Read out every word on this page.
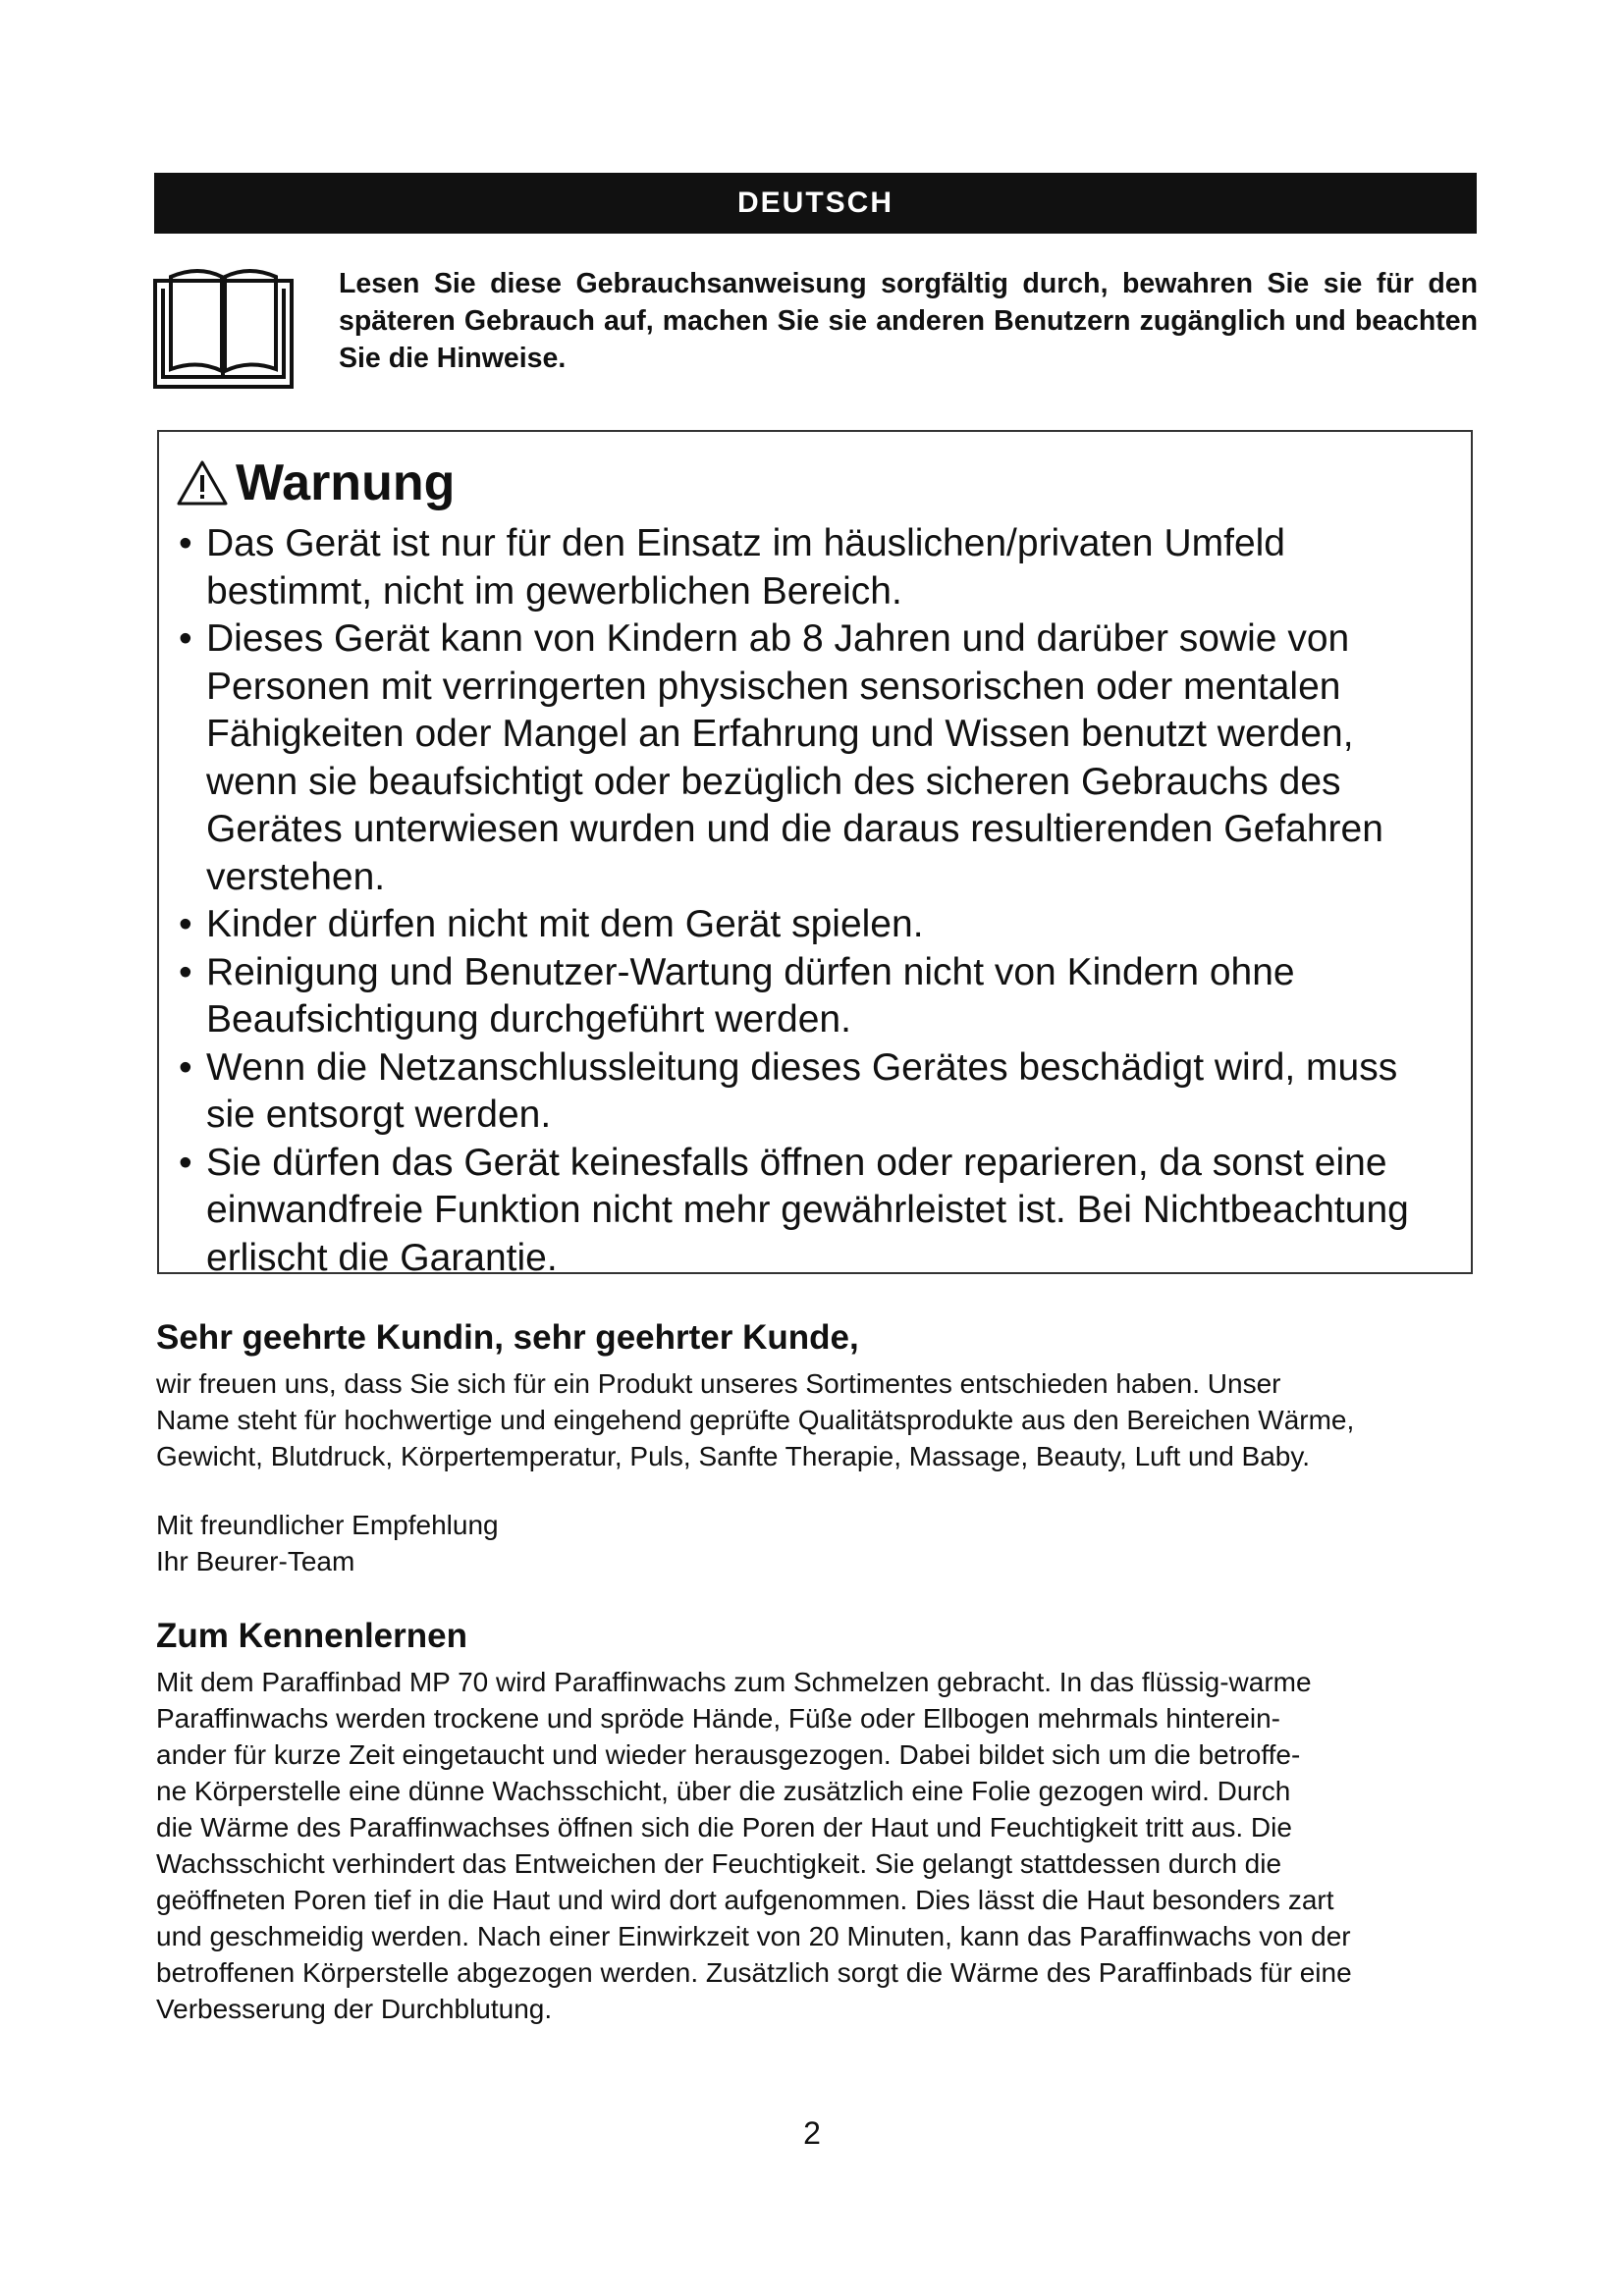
DEUTSCH

Lesen Sie diese Gebrauchsanweisung sorgfältig durch, bewahren Sie sie für den späteren Gebrauch auf, machen Sie sie anderen Benutzern zugänglich und beachten Sie die Hinweise.

Warnung
• Das Gerät ist nur für den Einsatz im häuslichen/privaten Umfeld bestimmt, nicht im gewerblichen Bereich.
• Dieses Gerät kann von Kindern ab 8 Jahren und darüber sowie von Personen mit verringerten physischen sensorischen oder mentalen Fähigkeiten oder Mangel an Erfahrung und Wissen benutzt werden, wenn sie beaufsichtigt oder bezüglich des sicheren Gebrauchs des Gerätes unterwiesen wurden und die daraus resultierenden Gefahren verstehen.
• Kinder dürfen nicht mit dem Gerät spielen.
• Reinigung und Benutzer-Wartung dürfen nicht von Kindern ohne Beaufsichtigung durchgeführt werden.
• Wenn die Netzanschlussleitung dieses Gerätes beschädigt wird, muss sie entsorgt werden.
• Sie dürfen das Gerät keinesfalls öffnen oder reparieren, da sonst eine einwandfreie Funktion nicht mehr gewährleistet ist. Bei Nichtbeachtung erlischt die Garantie.
Sehr geehrte Kundin, sehr geehrter Kunde,

wir freuen uns, dass Sie sich für ein Produkt unseres Sortimentes entschieden haben. Unser
Name steht für hochwertige und eingehend geprüfte Qualitätsprodukte aus den Bereichen Wärme,
Gewicht, Blutdruck, Körpertemperatur, Puls, Sanfte Therapie, Massage, Beauty, Luft und Baby.

Mit freundlicher Empfehlung
Ihr Beurer-Team

Zum Kennenlernen

Mit dem Paraffinbad MP 70 wird Paraffinwachs zum Schmelzen gebracht. In das flüssig-warme
Paraffinwachs werden trockene und spröde Hände, Füße oder Ellbogen mehrmals hinterein-
ander für kurze Zeit eingetaucht und wieder herausgezogen. Dabei bildet sich um die betroffe-
ne Körperstelle eine dünne Wachsschicht, über die zusätzlich eine Folie gezogen wird. Durch
die Wärme des Paraffinwachses öffnen sich die Poren der Haut und Feuchtigkeit tritt aus. Die
Wachsschicht verhindert das Entweichen der Feuchtigkeit. Sie gelangt stattdessen durch die
geöffneten Poren tief in die Haut und wird dort aufgenommen. Dies lässt die Haut besonders zart
und geschmeidig werden. Nach einer Einwirkzeit von 20 Minuten, kann das Paraffinwachs von der
betroffenen Körperstelle abgezogen werden. Zusätzlich sorgt die Wärme des Paraffinbads für eine
Verbesserung der Durchblutung.

2
